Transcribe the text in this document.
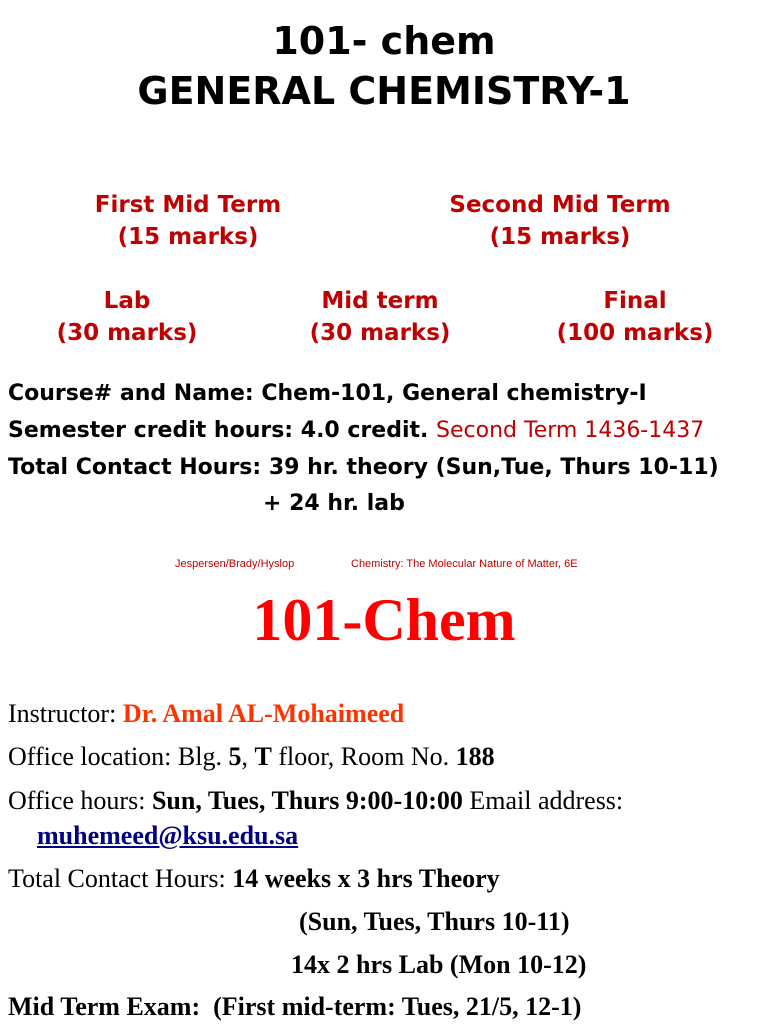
101- chem
GENERAL CHEMISTRY-1
First Mid Term
(15 marks)
Second Mid Term
(15 marks)
Lab
(30 marks)
Mid term
(30 marks)
Final
(100 marks)
Course# and Name: Chem-101, General chemistry-I
Semester credit hours: 4.0 credit. Second Term 1436-1437
Total Contact Hours: 39 hr. theory (Sun,Tue, Thurs 10-11)
+ 24 hr. lab
Jespersen/Brady/Hyslop	Chemistry: The Molecular Nature of Matter, 6E
101-Chem
Instructor: Dr. Amal AL-Mohaimeed
Office location: Blg. 5, T floor, Room No. 188
Office hours: Sun, Tues, Thurs 9:00-10:00 Email address:
muhemeed@ksu.edu.sa
Total Contact Hours: 14 weeks x 3 hrs Theory
(Sun, Tues, Thurs 10-11)
14x 2 hrs Lab (Mon 10-12)
Mid Term Exam: (First mid-term: Tues, 21/5, 12-1)
